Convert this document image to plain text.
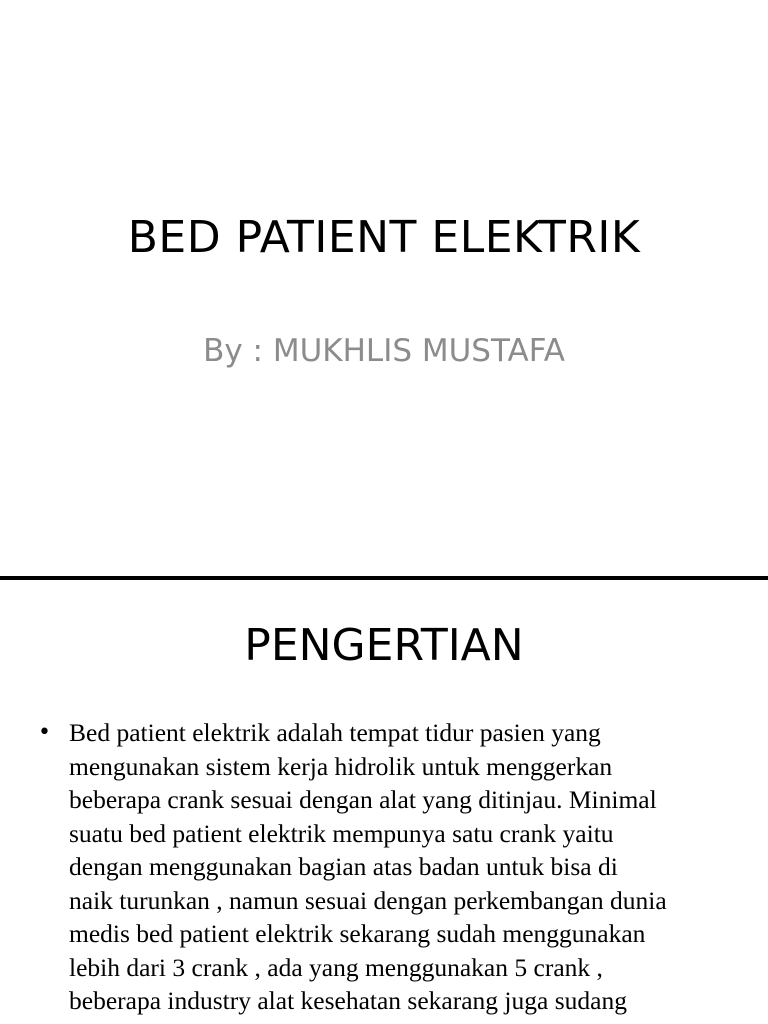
BED PATIENT ELEKTRIK
By : MUKHLIS MUSTAFA
PENGERTIAN
• Bed patient elektrik adalah tempat tidur pasien yang
mengunakan sistem kerja hidrolik untuk menggerkan
beberapa crank sesuai dengan alat yang ditinjau. Minimal
suatu bed patient elektrik mempunya satu crank yaitu
dengan menggunakan bagian atas badan untuk bisa di
naik turunkan , namun sesuai dengan perkembangan dunia
medis bed patient elektrik sekarang sudah menggunakan
lebih dari 3 crank , ada yang menggunakan 5 crank ,
beberapa industry alat kesehatan sekarang juga sudang
